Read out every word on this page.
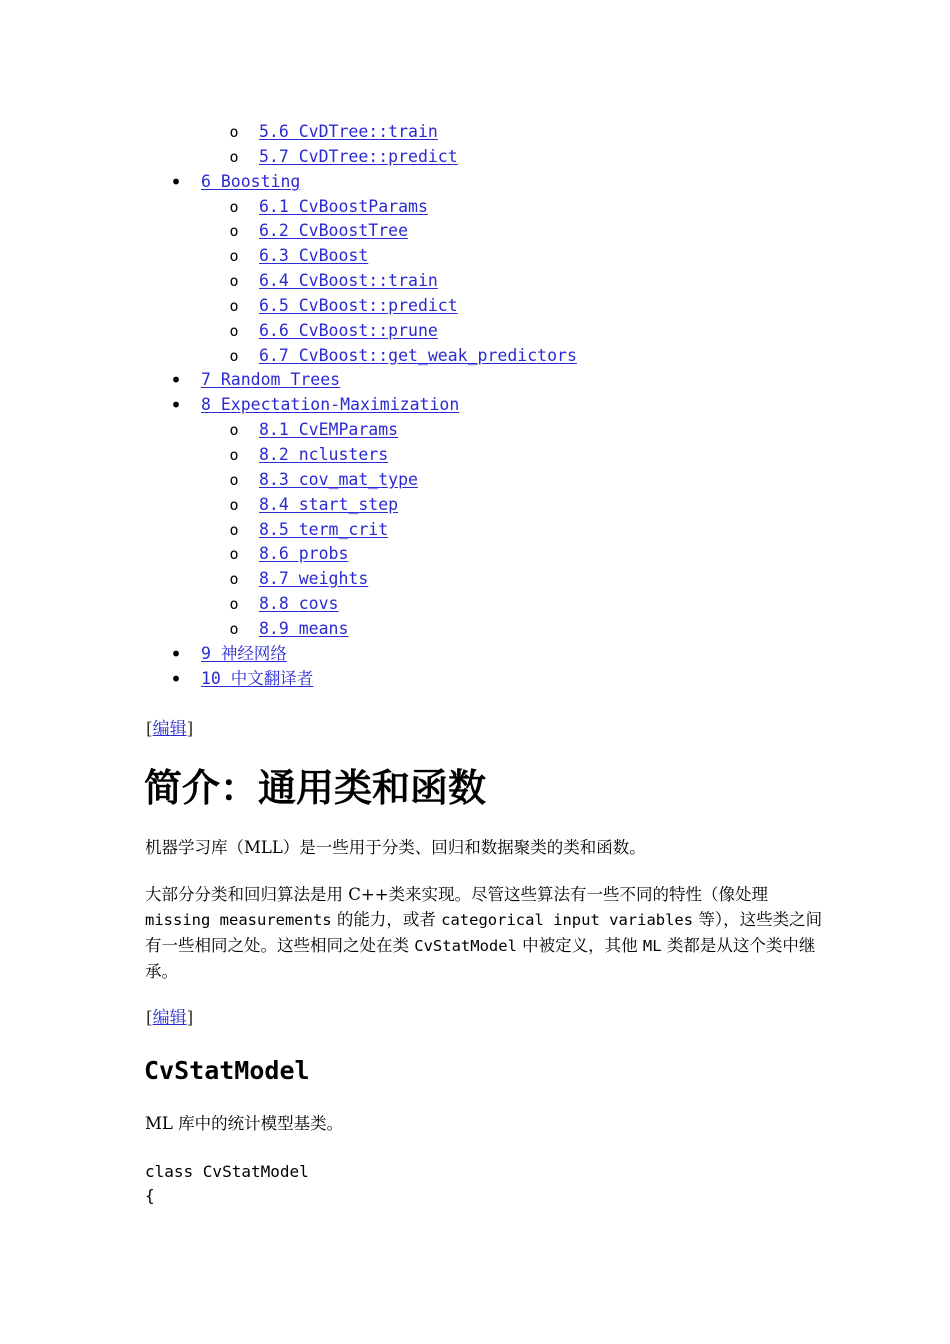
o 5.6 CvDTree::train
o 5.7 CvDTree::predict
• 6 Boosting
o 6.1 CvBoostParams
o 6.2 CvBoostTree
o 6.3 CvBoost
o 6.4 CvBoost::train
o 6.5 CvBoost::predict
o 6.6 CvBoost::prune
o 6.7 CvBoost::get_weak_predictors
• 7 Random Trees
• 8 Expectation-Maximization
o 8.1 CvEMParams
o 8.2 nclusters
o 8.3 cov_mat_type
o 8.4 start_step
o 8.5 term_crit
o 8.6 probs
o 8.7 weights
o 8.8 covs
o 8.9 means
• 9 神经网络
• 10 中文翻译者
[编辑]
简介：通用类和函数

机器学习库（MLL）是一些用于分类、回归和数据聚类的类和函数。

大部分分类和回归算法是用 C++类来实现。尽管这些算法有一些不同的特性（像处理 missing measurements 的能力，或者 categorical input variables 等），这些类之间有一些相同之处。这些相同之处在类 CvStatModel 中被定义，其他 ML 类都是从这个类中继承。

[编辑]
CvStatModel

ML 库中的统计模型基类。

class CvStatModel
{
